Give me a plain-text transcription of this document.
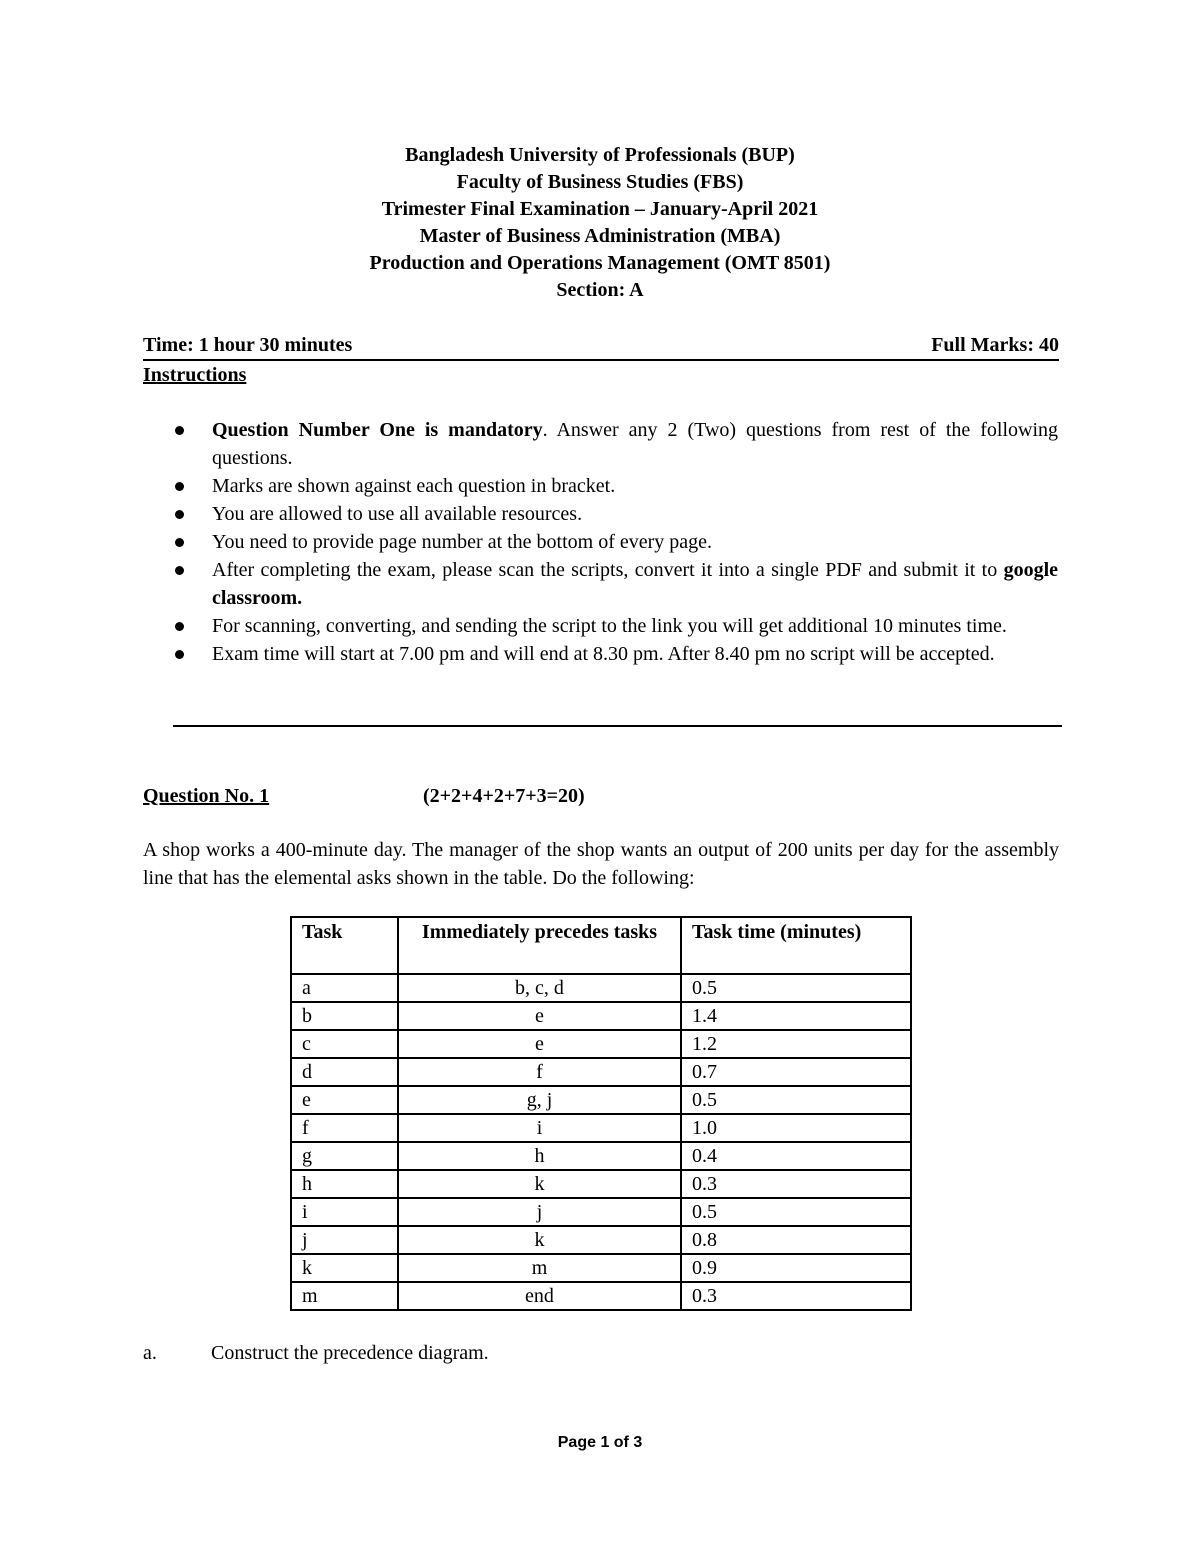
Bangladesh University of Professionals (BUP)
Faculty of Business Studies (FBS)
Trimester Final Examination – January-April 2021
Master of Business Administration (MBA)
Production and Operations Management (OMT 8501)
Section: A
Time: 1 hour 30 minutes	Full Marks: 40
Instructions
Question Number One is mandatory. Answer any 2 (Two) questions from rest of the following questions.
Marks are shown against each question in bracket.
You are allowed to use all available resources.
You need to provide page number at the bottom of every page.
After completing the exam, please scan the scripts, convert it into a single PDF and submit it to google classroom.
For scanning, converting, and sending the script to the link you will get additional 10 minutes time.
Exam time will start at 7.00 pm and will end at 8.30 pm. After 8.40 pm no script will be accepted.
Question No. 1	(2+2+4+2+7+3=20)
A shop works a 400-minute day. The manager of the shop wants an output of 200 units per day for the assembly line that has the elemental asks shown in the table. Do the following:
Task	Immediately precedes tasks	Task time (minutes)
a	b, c, d	0.5
b	e	1.4
c	e	1.2
d	f	0.7
e	g, j	0.5
f	i	1.0
g	h	0.4
h	k	0.3
i	j	0.5
j	k	0.8
k	m	0.9
m	end	0.3
a.	Construct the precedence diagram.
Page 1 of 3
